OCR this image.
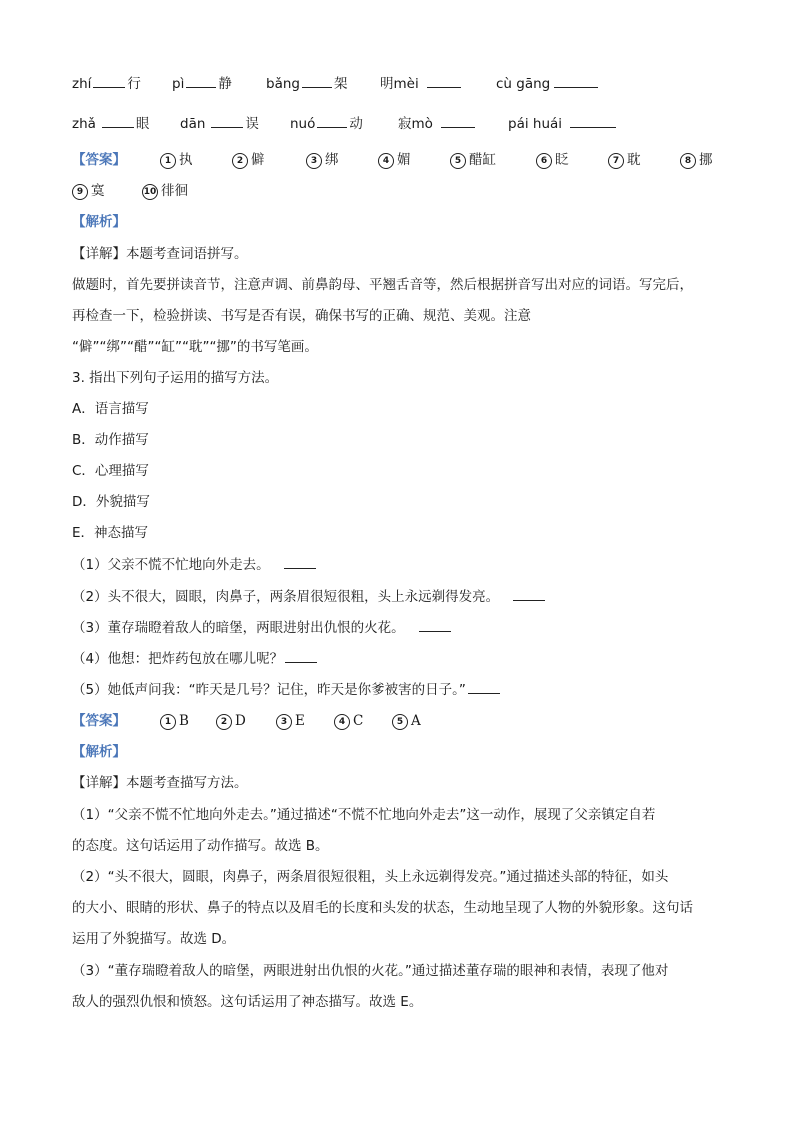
zhí	行 pì	静	bǎng	架 明mèi	cù gāng
zhǎ	眼 dān	误 nuó	动	寂mò	pái huái
【答案】	1 执	2 僻	3 绑	4 媚	5 醋缸	6 眨	7 耽	8 挪
9 寞	10 徘徊
【解析】
【详解】本题考查词语拼写。
做题时，首先要拼读音节，注意声调、前鼻韵母、平翘舌音等，然后根据拼音写出对应的词语。写完后，
再检查一下，检验拼读、书写是否有误，确保书写的正确、规范、美观。注意
“僻”“绑”“醋”“缸”“耽”“挪”的书写笔画。
3. 指出下列句子运用的描写方法。
A．语言描写
B．动作描写
C．心理描写
D．外貌描写
E．神态描写
（1）父亲不慌不忙地向外走去。
（2）头不很大，圆眼，肉鼻子，两条眉很短很粗，头上永远剃得发亮。
（3）董存瑞瞪着敌人的暗堡，两眼进射出仇恨的火花。
（4）他想：把炸药包放在哪儿呢？
（5）她低声问我：“昨天是几号？记住，昨天是你爹被害的日子。”
【答案】	1 B	2 D	3 E	4 C	5 A
【解析】
【详解】本题考查描写方法。
（1）“父亲不慌不忙地向外走去。”通过描述“不慌不忙地向外走去”这一动作，展现了父亲镇定自若
的态度。这句话运用了动作描写。故选 B。
（2）“头不很大，圆眼，肉鼻子，两条眉很短很粗，头上永远剃得发亮。”通过描述头部的特征，如头
的大小、眼睛的形状、鼻子的特点以及眉毛的长度和头发的状态，生动地呈现了人物的外貌形象。这句话
运用了外貌描写。故选 D。
（3）“董存瑞瞪着敌人的暗堡，两眼进射出仇恨的火花。”通过描述董存瑞的眼神和表情，表现了他对
敌人的强烈仇恨和愤怒。这句话运用了神态描写。故选 E。
